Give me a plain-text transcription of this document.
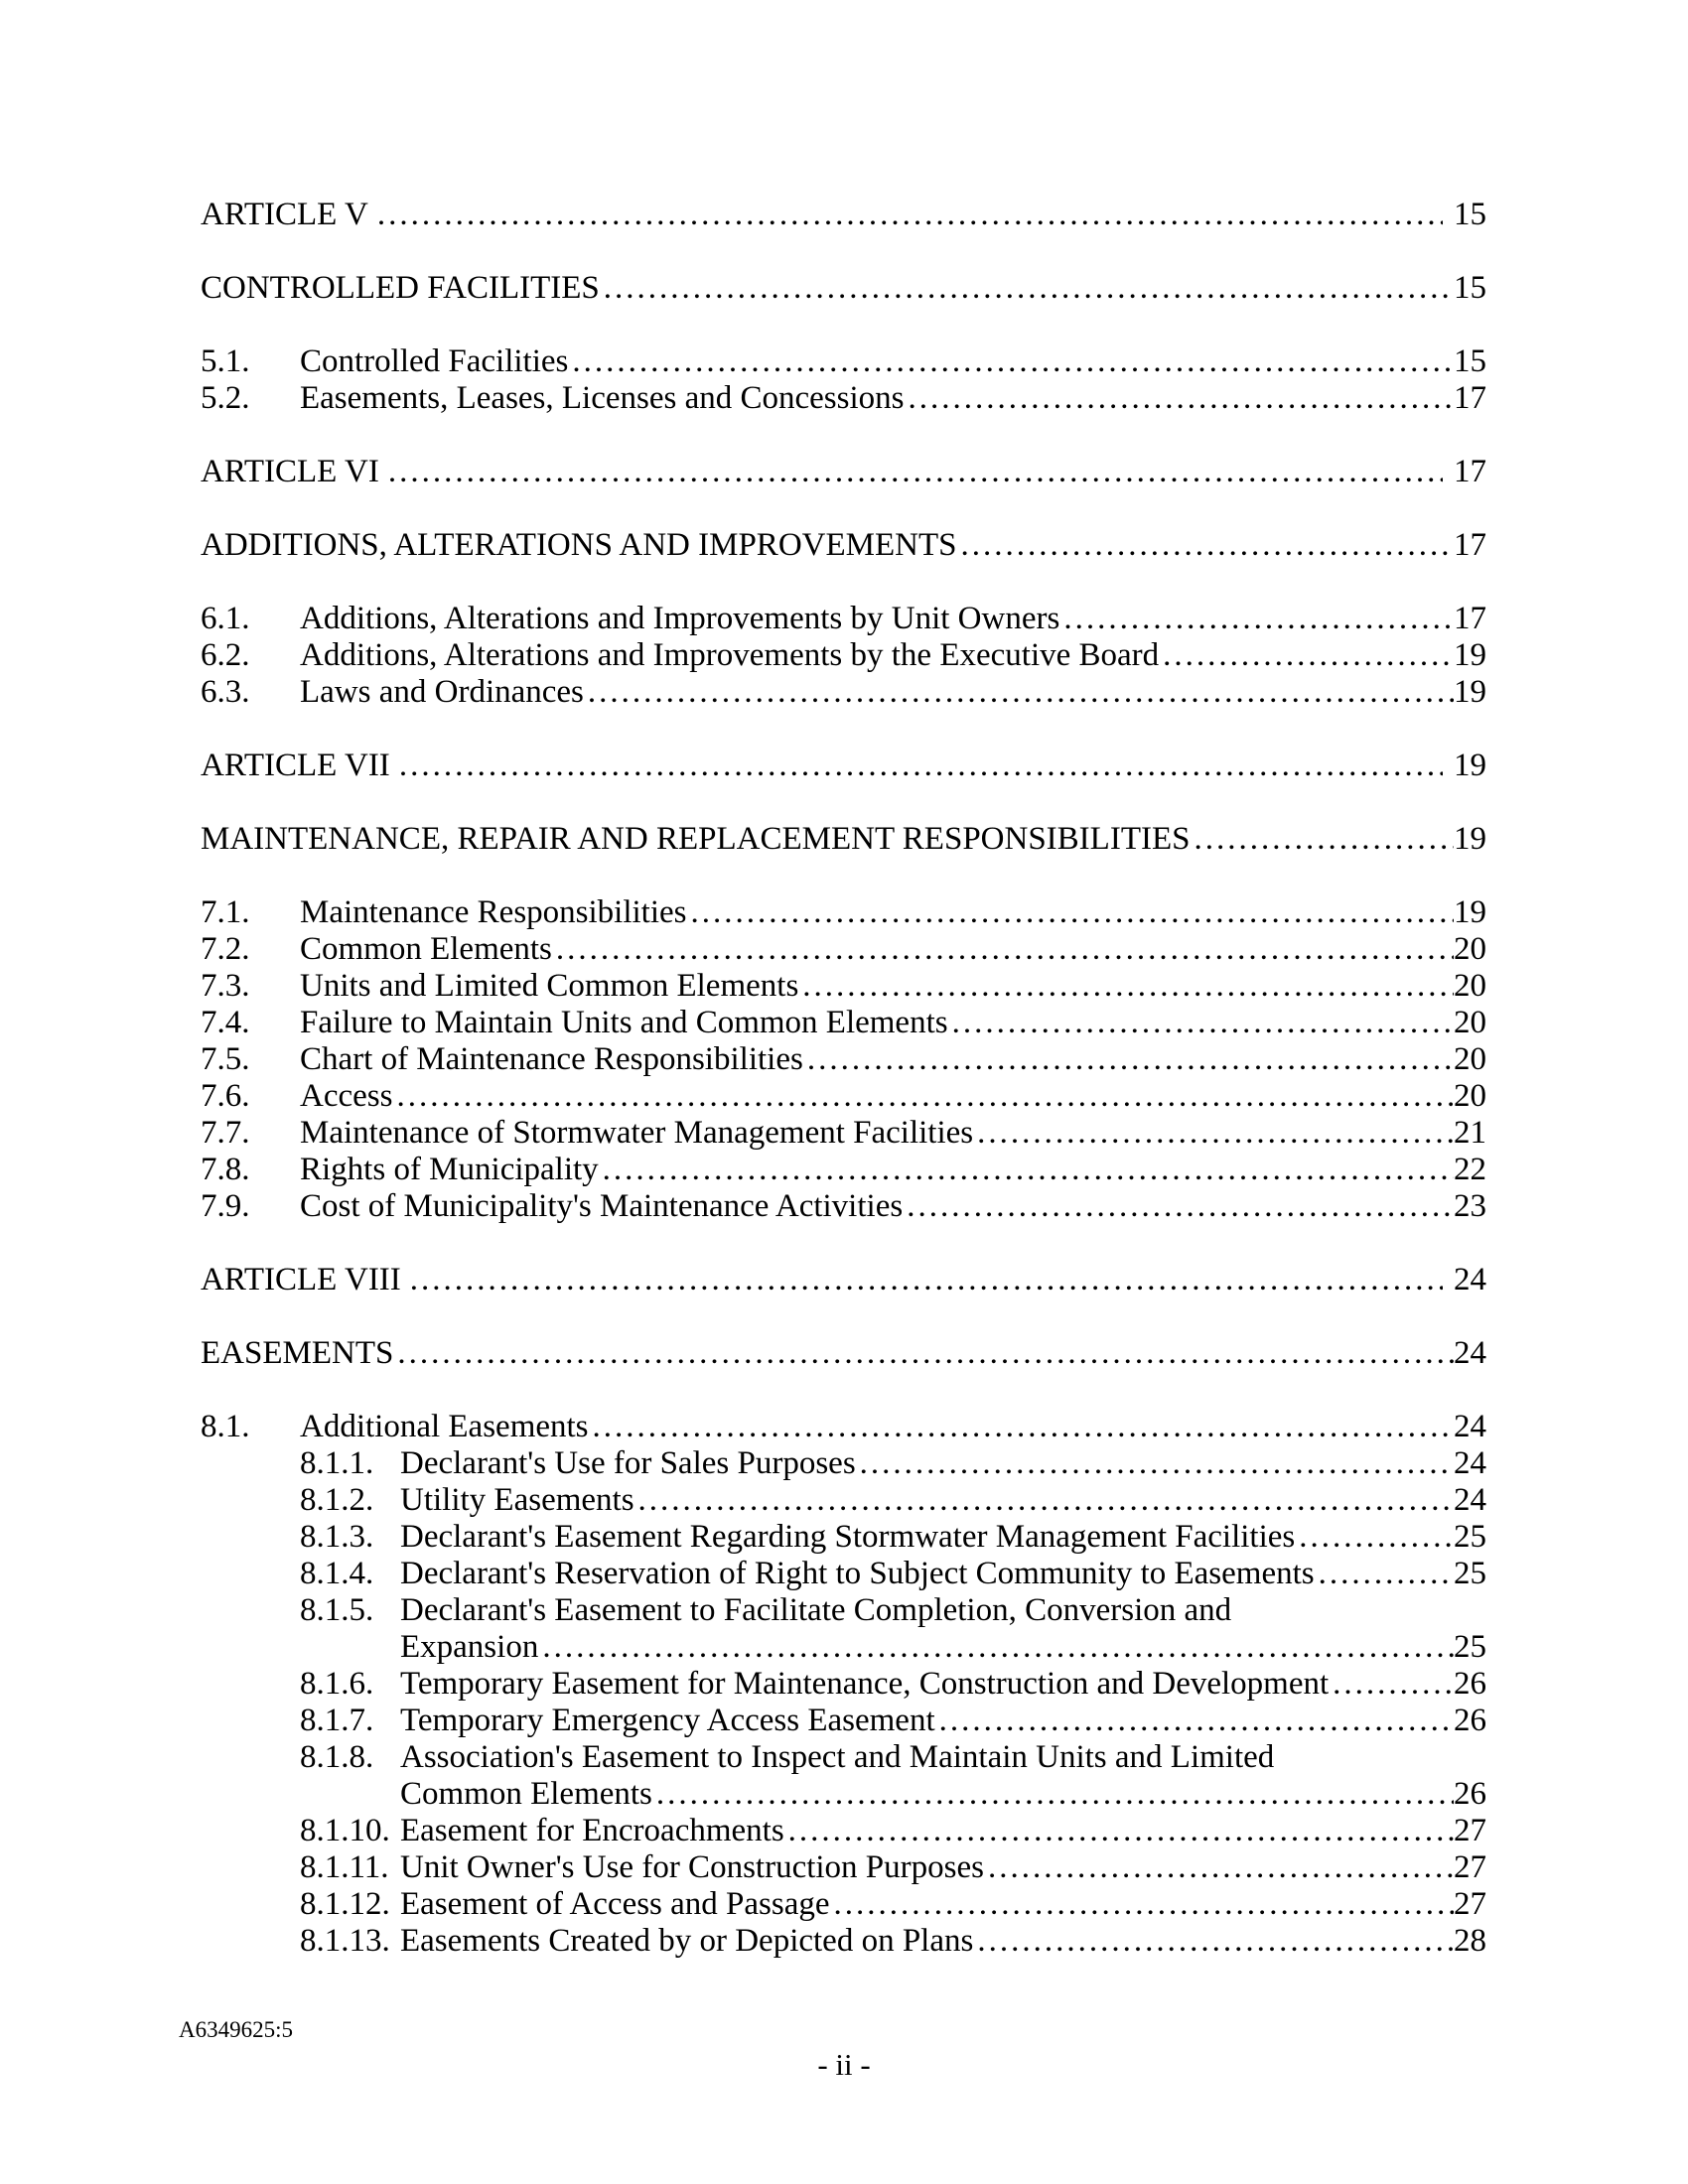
ARTICLE V .....	15
CONTROLLED FACILITIES .....	15
5.1.	Controlled Facilities .....	15
5.2.	Easements, Leases, Licenses and Concessions .....	17
ARTICLE VI .....	17
ADDITIONS, ALTERATIONS AND IMPROVEMENTS .....	17
6.1.	Additions, Alterations and Improvements by Unit Owners .....	17
6.2.	Additions, Alterations and Improvements by the Executive Board .....	19
6.3.	Laws and Ordinances .....	19
ARTICLE VII .....	19
MAINTENANCE, REPAIR AND REPLACEMENT RESPONSIBILITIES .....	19
7.1.	Maintenance Responsibilities .....	19
7.2.	Common Elements .....	20
7.3.	Units and Limited Common Elements .....	20
7.4.	Failure to Maintain Units and Common Elements .....	20
7.5.	Chart of Maintenance Responsibilities .....	20
7.6.	Access .....	20
7.7.	Maintenance of Stormwater Management Facilities .....	21
7.8.	Rights of Municipality .....	22
7.9.	Cost of Municipality's Maintenance Activities .....	23
ARTICLE VIII .....	24
EASEMENTS .....	24
8.1.	Additional Easements .....	24
8.1.1. Declarant's Use for Sales Purposes .....	24
8.1.2. Utility Easements .....	24
8.1.3. Declarant's Easement Regarding Stormwater Management Facilities .....	25
8.1.4. Declarant's Reservation of Right to Subject Community to Easements .....	25
8.1.5. Declarant's Easement to Facilitate Completion, Conversion and
Expansion .....	25
8.1.6. Temporary Easement for Maintenance, Construction and Development .....	26
8.1.7. Temporary Emergency Access Easement .....	26
8.1.8. Association's Easement to Inspect and Maintain Units and Limited
Common Elements .....	26
8.1.10. Easement for Encroachments .....	27
8.1.11. Unit Owner's Use for Construction Purposes .....	27
8.1.12. Easement of Access and Passage .....	27
8.1.13. Easements Created by or Depicted on Plans .....	28
A6349625:5
- ii -
